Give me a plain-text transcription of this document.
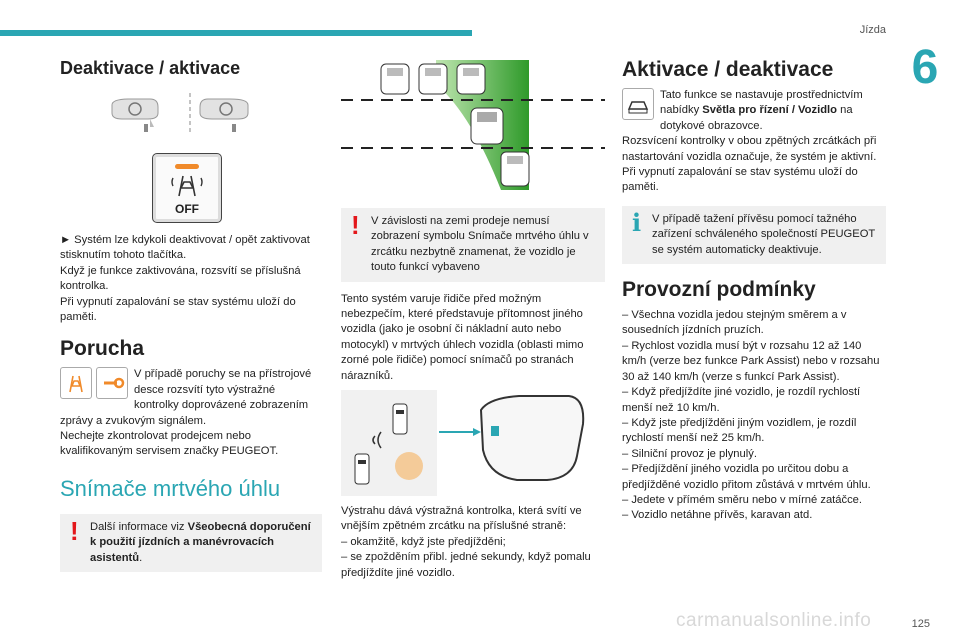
Jízda
6
Deaktivace / aktivace
OFF

► Systém lze kdykoli deaktivovat / opět zaktivovat stisknutím tohoto tlačítka.

Když je funkce zaktivována, rozsvítí se příslušná kontrolka.

Při vypnutí zapalování se stav systému uloží do paměti.

Porucha

V případě poruchy se na přístrojové desce rozsvítí tyto výstražné kontrolky doprovázené zobrazením zprávy a zvukovým signálem.

Nechejte zkontrolovat prodejcem nebo kvalifikovaným servisem značky PEUGEOT.

Snímače mrtvého úhlu
! Další informace viz Všeobecná doporučení k použití jízdních a manévrovacích asistentů.
! V závislosti na zemi prodeje nemusí zobrazení symbolu Snímače mrtvého úhlu v zrcátku nezbytně znamenat, že vozidlo je touto funkcí vybaveno

Tento systém varuje řidiče před možným nebezpečím, které představuje přítomnost jiného vozidla (jako je osobní či nákladní auto nebo motocykl) v mrtvých úhlech vozidla (oblasti mimo zorné pole řidiče) pomocí snímačů po stranách nárazníků.

Výstrahu dává výstražná kontrolka, která svítí ve vnějším zpětném zrcátku na příslušné straně:

– okamžitě, když jste předjížděni;

– se zpožděním přibl. jedné sekundy, když pomalu předjíždíte jiné vozidlo.

Aktivace / deaktivace

Tato funkce se nastavuje prostřednictvím nabídky Světla pro řízení / Vozidlo na dotykové obrazovce.

Rozsvícení kontrolky v obou zpětných zrcátkách při nastartování vozidla označuje, že systém je aktivní.

Při vypnutí zapalování se stav systému uloží do paměti.

i V případě tažení přívěsu pomocí tažného zařízení schváleného společností PEUGEOT se systém automaticky deaktivuje.
Provozní podmínky

– Všechna vozidla jedou stejným směrem a v sousedních jízdních pruzích.

– Rychlost vozidla musí být v rozsahu 12 až 140 km/h (verze bez funkce Park Assist) nebo v rozsahu 30 až 140 km/h (verze s funkcí Park Assist).

– Když předjíždíte jiné vozidlo, je rozdíl rychlostí menší než 10 km/h.

– Když jste předjížděni jiným vozidlem, je rozdíl rychlostí menší než 25 km/h.

– Silniční provoz je plynulý.

– Předjíždění jiného vozidla po určitou dobu a předjížděné vozidlo přitom zůstává v mrtvém úhlu.

– Jedete v přímém směru nebo v mírné zatáčce.

– Vozidlo netáhne přívěs, karavan atd.

125
carmanualsonline.info
